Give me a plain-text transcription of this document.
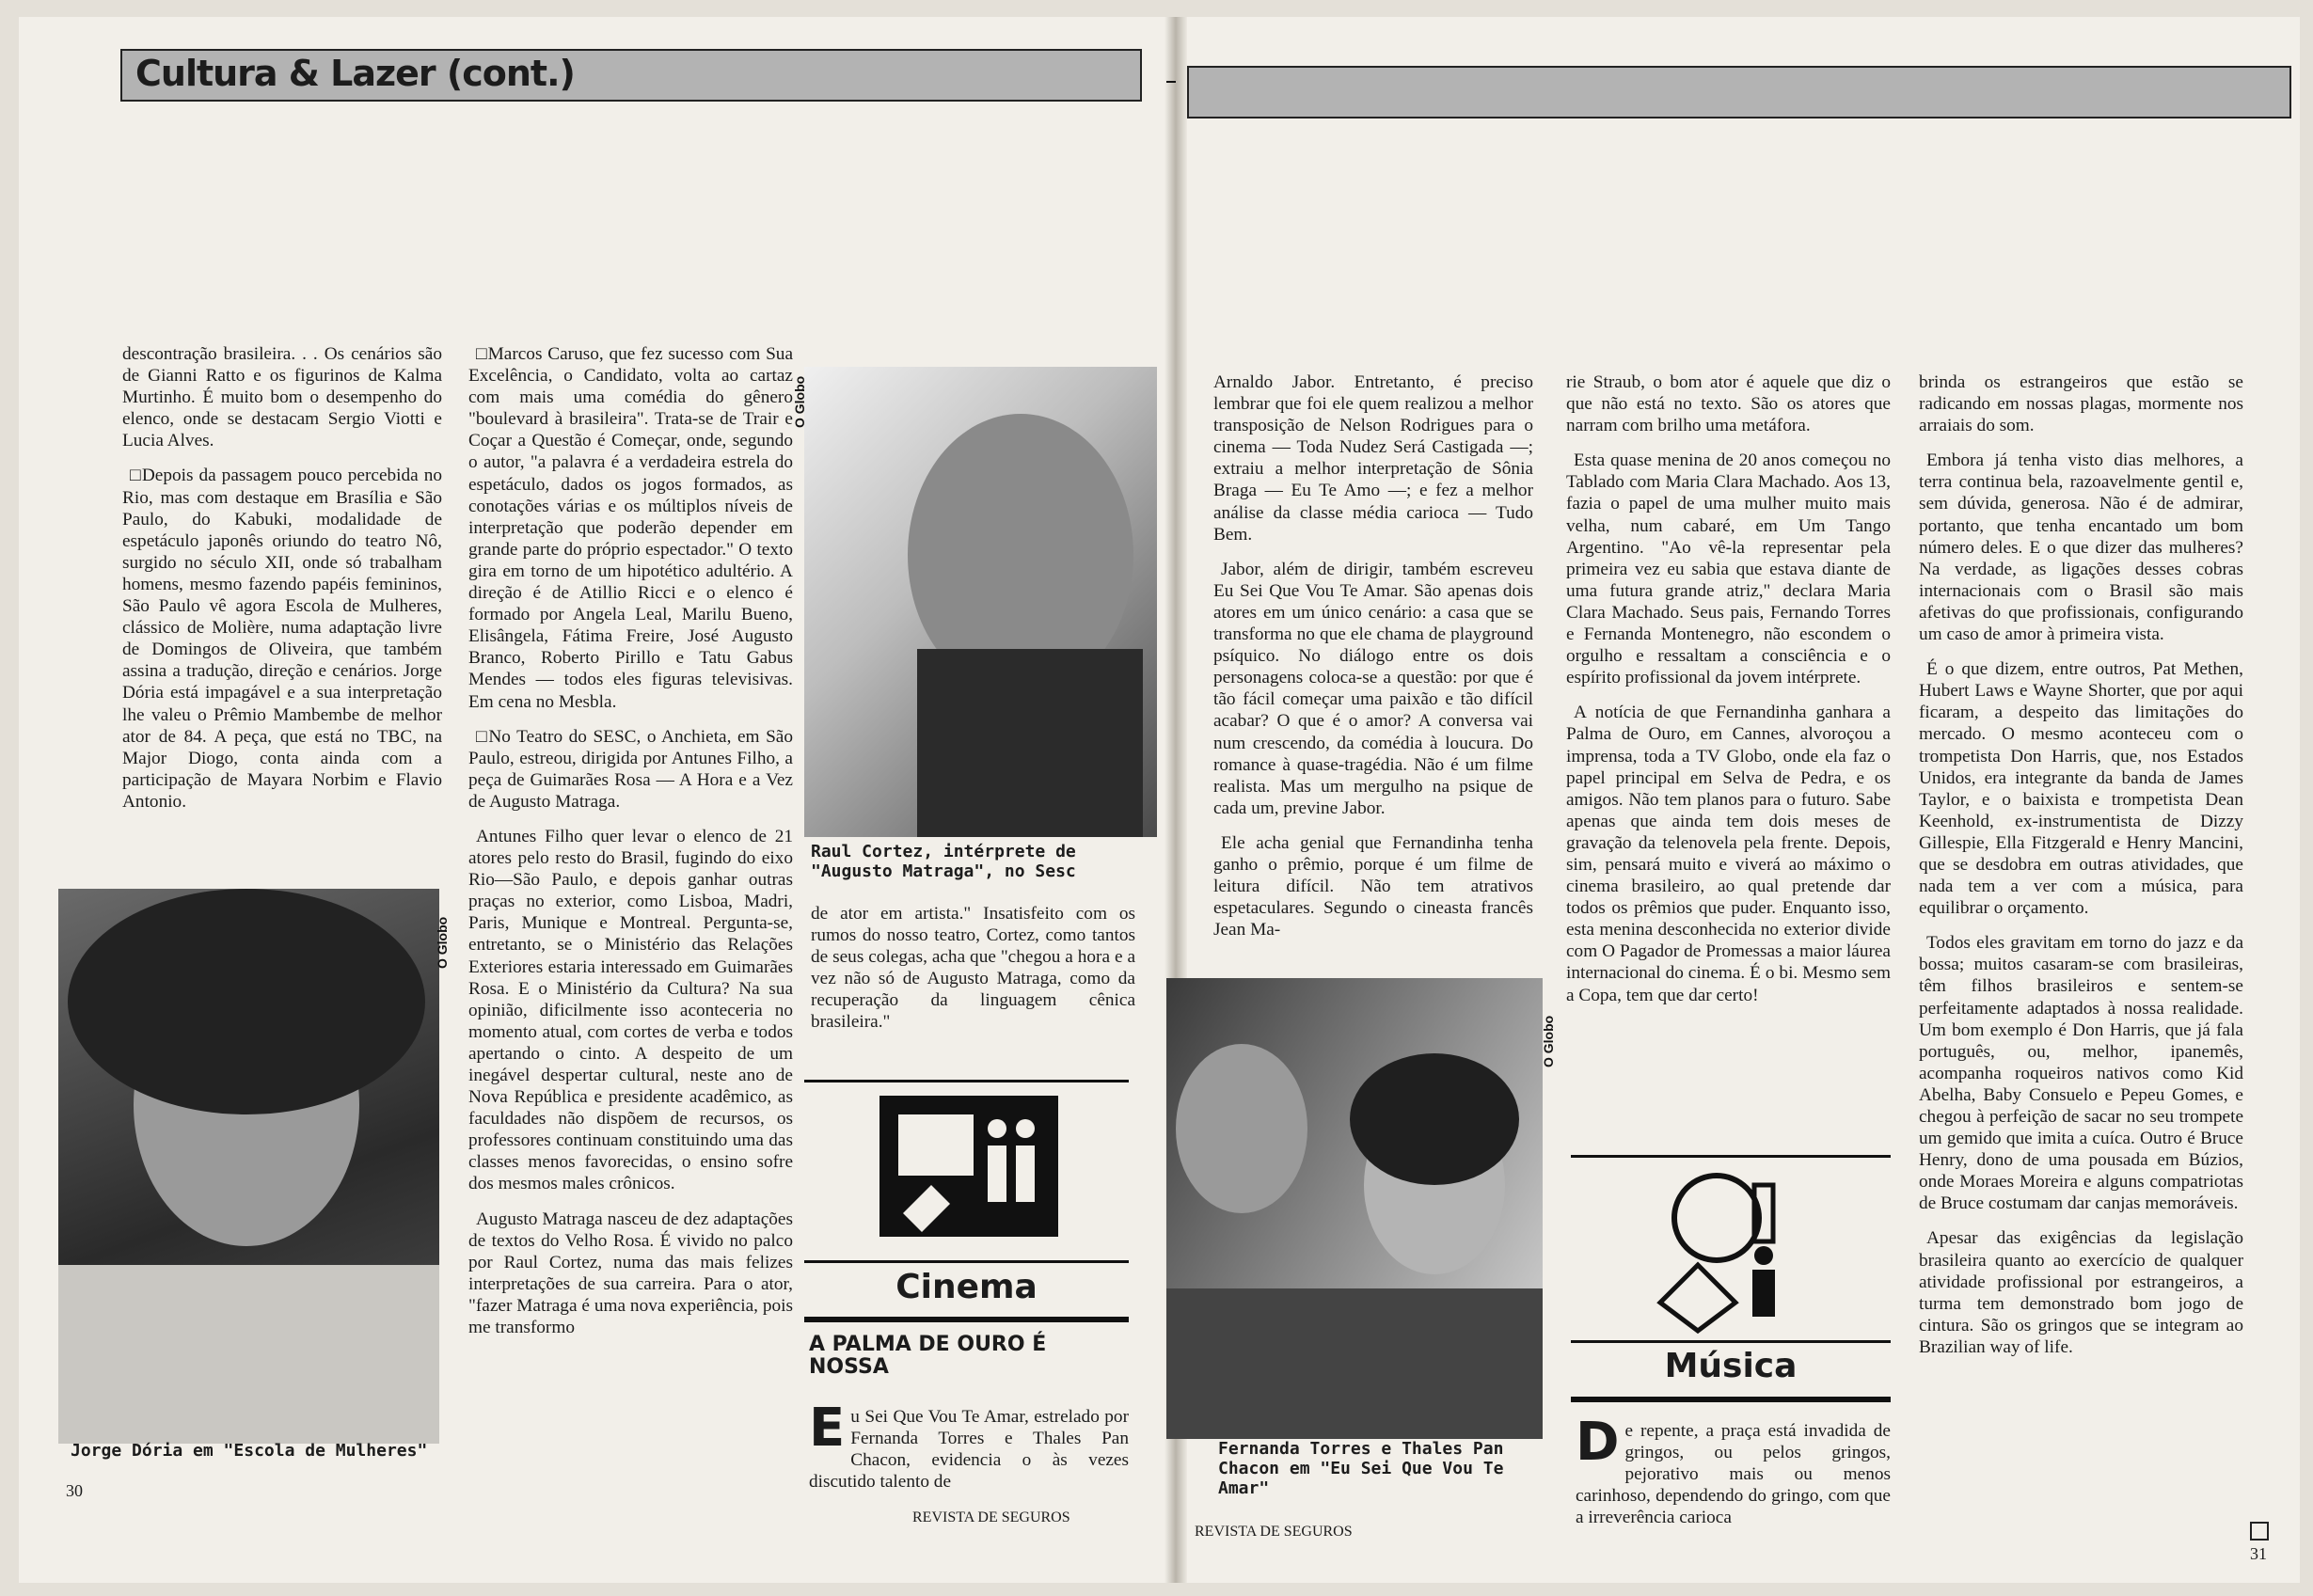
Cultura & Lazer (cont.)

descontração brasileira. . . Os cenários são de Gianni Ratto e os figurinos de Kalma Murtinho. É muito bom o desempenho do elenco, onde se destacam Sergio Viotti e Lucia Alves.

□ Depois da passagem pouco percebida no Rio, mas com destaque em Brasília e São Paulo, do Kabuki, modalidade de espetáculo japonês oriundo do teatro Nô, surgido no século XII, onde só trabalham homens, mesmo fazendo papéis femininos, São Paulo vê agora Escola de Mulheres, clássico de Molière, numa adaptação livre de Domingos de Oliveira, que também assina a tradução, direção e cenários. Jorge Dória está impagável e a sua interpretação lhe valeu o Prêmio Mambembe de melhor ator de 84. A peça, que está no TBC, na Major Diogo, conta ainda com a participação de Mayara Norbim e Flavio Antonio.

O Globo
Jorge Dória em "Escola de Mulheres"
30

□ Marcos Caruso, que fez sucesso com Sua Excelência, o Candidato, volta ao cartaz com mais uma comédia do gênero "boulevard à brasileira". Trata-se de Trair e Coçar a Questão é Começar, onde, segundo o autor, "a palavra é a verdadeira estrela do espetáculo, dados os jogos formados, as conotações várias e os múltiplos níveis de interpretação que poderão depender em grande parte do próprio espectador." O texto gira em torno de um hipotético adultério. A direção é de Atillio Ricci e o elenco é formado por Angela Leal, Marilu Bueno, Elisângela, Fátima Freire, José Augusto Branco, Roberto Pirillo e Tatu Gabus Mendes — todos eles figuras televisivas. Em cena no Mesbla.

□ No Teatro do SESC, o Anchieta, em São Paulo, estreou, dirigida por Antunes Filho, a peça de Guimarães Rosa — A Hora e a Vez de Augusto Matraga.

Antunes Filho quer levar o elenco de 21 atores pelo resto do Brasil, fugindo do eixo Rio—São Paulo, e depois ganhar outras praças no exterior, como Lisboa, Madri, Paris, Munique e Montreal. Pergunta-se, entretanto, se o Ministério das Relações Exteriores estaria interessado em Guimarães Rosa. E o Ministério da Cultura? Na sua opinião, dificilmente isso aconteceria no momento atual, com cortes de verba e todos apertando o cinto. A despeito de um inegável despertar cultural, neste ano de Nova República e presidente acadêmico, as faculdades não dispõem de recursos, os professores continuam constituindo uma das classes menos favorecidas, o ensino sofre dos mesmos males crônicos.

Augusto Matraga nasceu de dez adaptações de textos do Velho Rosa. É vivido no palco por Raul Cortez, numa das mais felizes interpretações de sua carreira. Para o ator, "fazer Matraga é uma nova experiência, pois me transformo

O Globo
Raul Cortez, intérprete de "Augusto Matraga", no Sesc

de ator em artista." Insatisfeito com os rumos do nosso teatro, Cortez, como tantos de seus colegas, acha que "chegou a hora e a vez não só de Augusto Matraga, como da recuperação da linguagem cênica brasileira."

Cinema
A PALMA DE OURO É NOSSA
Eu Sei Que Vou Te Amar, estrelado por Fernanda Torres e Thales Pan Chacon, evidencia o às vezes discutido talento de
REVISTA DE SEGUROS

Arnaldo Jabor. Entretanto, é preciso lembrar que foi ele quem realizou a melhor transposição de Nelson Rodrigues para o cinema — Toda Nudez Será Castigada —; extraiu a melhor interpretação de Sônia Braga — Eu Te Amo —; e fez a melhor análise da classe média carioca — Tudo Bem.

Jabor, além de dirigir, também escreveu Eu Sei Que Vou Te Amar. São apenas dois atores em um único cenário: a casa que se transforma no que ele chama de playground psíquico. No diálogo entre os dois personagens coloca-se a questão: por que é tão fácil começar uma paixão e tão difícil acabar? O que é o amor? A conversa vai num crescendo, da comédia à loucura. Do romance à quase-tragédia. Não é um filme realista. Mas um mergulho na psique de cada um, previne Jabor.

Ele acha genial que Fernandinha tenha ganho o prêmio, porque é um filme de leitura difícil. Não tem atrativos espetaculares. Segundo o cineasta francês Jean Ma-

O Globo
Fernanda Torres e Thales Pan Chacon em "Eu Sei Que Vou Te Amar"
REVISTA DE SEGUROS

rie Straub, o bom ator é aquele que diz o que não está no texto. São os atores que narram com brilho uma metáfora.

Esta quase menina de 20 anos começou no Tablado com Maria Clara Machado. Aos 13, fazia o papel de uma mulher muito mais velha, num cabaré, em Um Tango Argentino. "Ao vê-la representar pela primeira vez eu sabia que estava diante de uma futura grande atriz," declara Maria Clara Machado. Seus pais, Fernando Torres e Fernanda Montenegro, não escondem o orgulho e ressaltam a consciência e o espírito profissional da jovem intérprete.

A notícia de que Fernandinha ganhara a Palma de Ouro, em Cannes, alvoroçou a imprensa, toda a TV Globo, onde ela faz o papel principal em Selva de Pedra, e os amigos. Não tem planos para o futuro. Sabe apenas que ainda tem dois meses de gravação da telenovela pela frente. Depois, sim, pensará muito e viverá ao máximo o cinema brasileiro, ao qual pretende dar todos os prêmios que puder. Enquanto isso, esta menina desconhecida no exterior divide com O Pagador de Promessas a maior láurea internacional do cinema. É o bi. Mesmo sem a Copa, tem que dar certo!

Música
De repente, a praça está invadida de gringos, ou pelos gringos, pejorativo mais ou menos carinhoso, dependendo do gringo, com que a irreverência carioca

brinda os estrangeiros que estão se radicando em nossas plagas, mormente nos arraiais do som.

Embora já tenha visto dias melhores, a terra continua bela, razoavelmente gentil e, sem dúvida, generosa. Não é de admirar, portanto, que tenha encantado um bom número deles. E o que dizer das mulheres? Na verdade, as ligações desses cobras internacionais com o Brasil são mais afetivas do que profissionais, configurando um caso de amor à primeira vista.

É o que dizem, entre outros, Pat Methen, Hubert Laws e Wayne Shorter, que por aqui ficaram, a despeito das limitações do mercado. O mesmo aconteceu com o trompetista Don Harris, que, nos Estados Unidos, era integrante da banda de James Taylor, e o baixista e trompetista Dean Keenhold, ex-instrumentista de Dizzy Gillespie, Ella Fitzgerald e Henry Mancini, que se desdobra em outras atividades, que nada tem a ver com a música, para equilibrar o orçamento.

Todos eles gravitam em torno do jazz e da bossa; muitos casaram-se com brasileiras, têm filhos brasileiros e sentem-se perfeitamente adaptados à nossa realidade. Um bom exemplo é Don Harris, que já fala português, ou, melhor, ipanemês, acompanha roqueiros nativos como Kid Abelha, Baby Consuelo e Pepeu Gomes, e chegou à perfeição de sacar no seu trompete um gemido que imita a cuíca. Outro é Bruce Henry, dono de uma pousada em Búzios, onde Moraes Moreira e alguns compatriotas de Bruce costumam dar canjas memoráveis.

Apesar das exigências da legislação brasileira quanto ao exercício de qualquer atividade profissional por estrangeiros, a turma tem demonstrado bom jogo de cintura. São os gringos que se integram ao Brazilian way of life.

31
